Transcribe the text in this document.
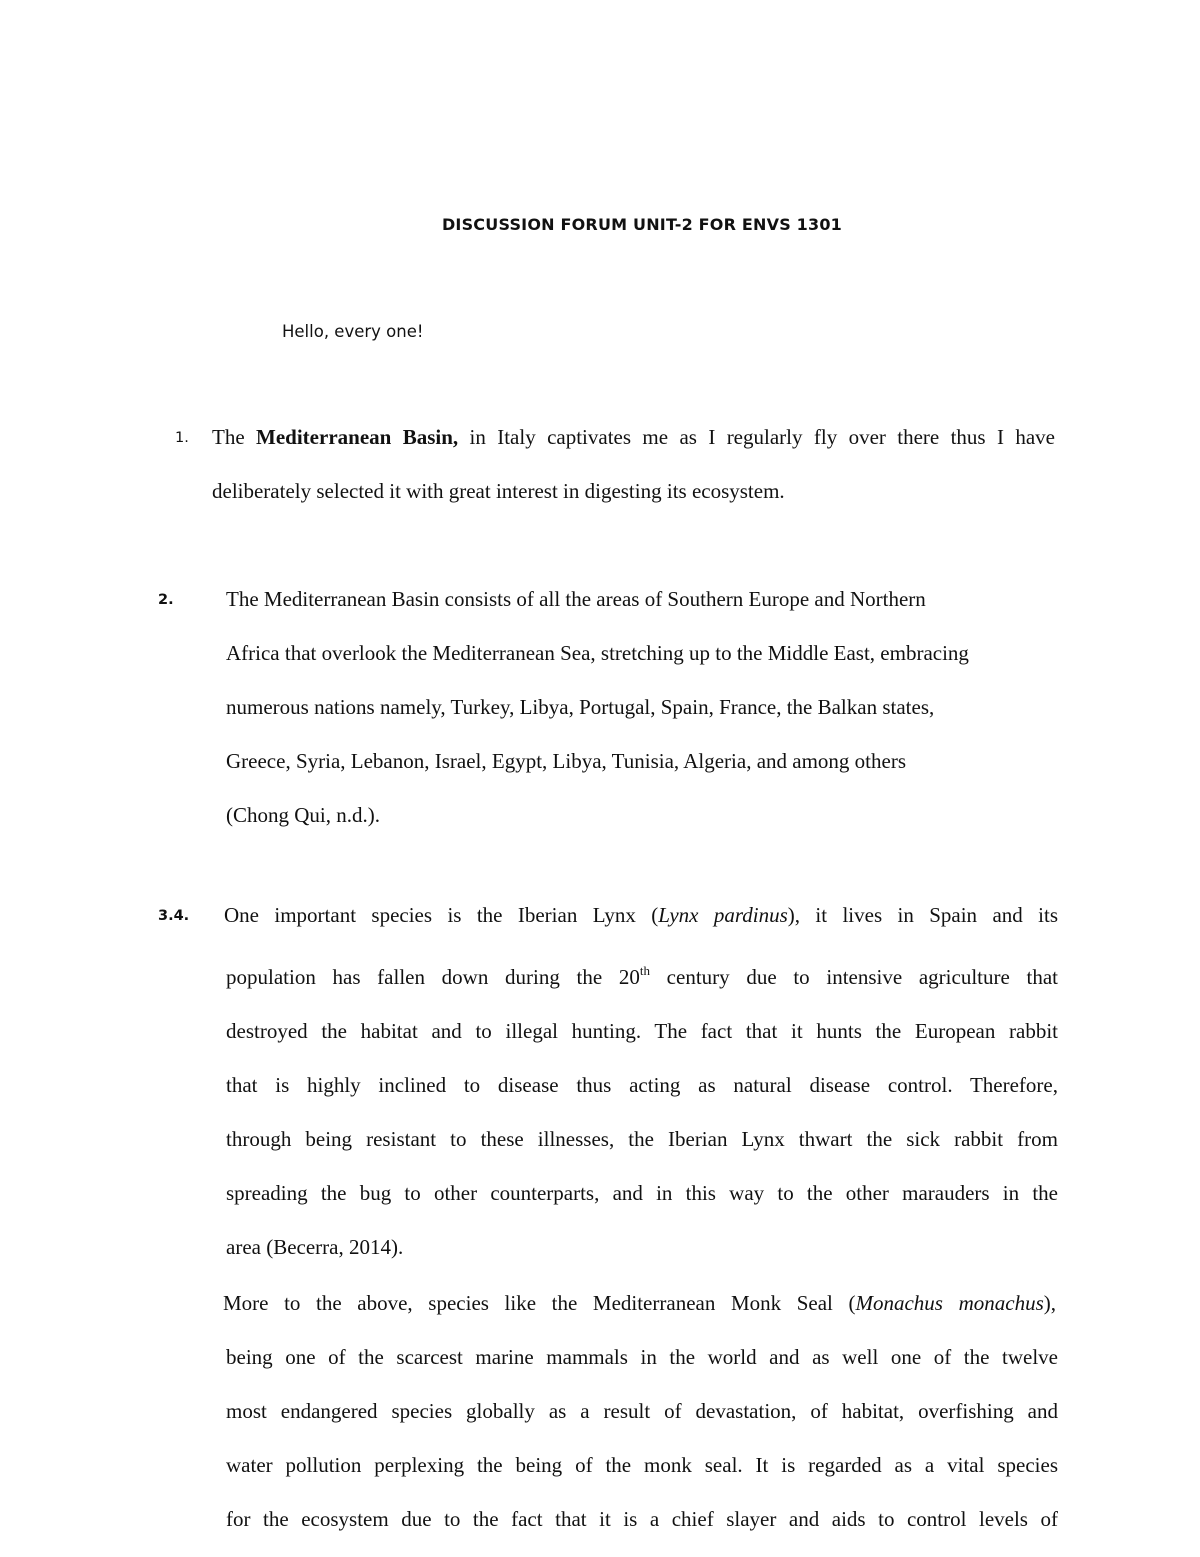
DISCUSSION FORUM UNIT-2 FOR ENVS 1301
Hello, every one!
1. The Mediterranean Basin, in Italy captivates me as I regularly fly over there thus I have
deliberately selected it with great interest in digesting its ecosystem.
2. The Mediterranean Basin consists of all the areas of Southern Europe and Northern
Africa that overlook the Mediterranean Sea, stretching up to the Middle East, embracing
numerous nations namely, Turkey, Libya, Portugal, Spain, France, the Balkan states,
Greece, Syria, Lebanon, Israel, Egypt, Libya, Tunisia, Algeria, and among others
(Chong Qui, n.d.).
3.4. One important species is the Iberian Lynx (Lynx pardinus), it lives in Spain and its
population has fallen down during the 20th century due to intensive agriculture that
destroyed the habitat and to illegal hunting. The fact that it hunts the European rabbit
that is highly inclined to disease thus acting as natural disease control. Therefore,
through being resistant to these illnesses, the Iberian Lynx thwart the sick rabbit from
spreading the bug to other counterparts, and in this way to the other marauders in the
area (Becerra, 2014).
More to the above, species like the Mediterranean Monk Seal (Monachus monachus),
being one of the scarcest marine mammals in the world and as well one of the twelve
most endangered species globally as a result of devastation, of habitat, overfishing and
water pollution perplexing the being of the monk seal. It is regarded as a vital species
for the ecosystem due to the fact that it is a chief slayer and aids to control levels of
